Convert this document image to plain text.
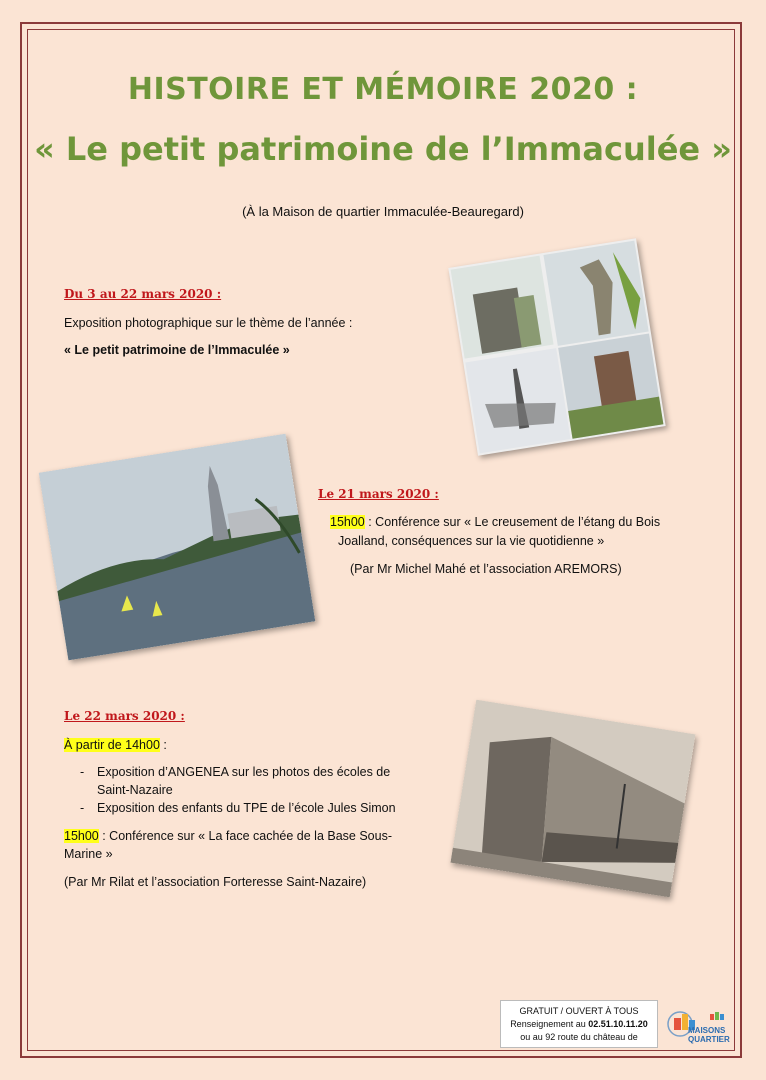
HISTOIRE ET MÉMOIRE 2020 :
« Le petit patrimoine de l’Immaculée »
(À la Maison de quartier Immaculée-Beauregard)
Du 3 au 22 mars 2020 :
Exposition photographique sur le thème de l’année :
« Le petit patrimoine de l’Immaculée »
Le 21 mars 2020 :
15h00 : Conférence sur « Le creusement de l’étang du Bois
Joalland, conséquences sur la vie quotidienne »
(Par Mr Michel Mahé et l’association AREMORS)
Le 22 mars 2020 :
À partir de 14h00 :
- Exposition d’ANGENEA sur les photos des écoles de
Saint-Nazaire
- Exposition des enfants du TPE de l’école Jules Simon
15h00 : Conférence sur « La face cachée de la Base Sous-
Marine »
(Par Mr Rilat et l’association Forteresse Saint-Nazaire)
GRATUIT / OUVERT À TOUS
Renseignement au 02.51.10.11.20
ou au 92 route du château de
MAISONS
QUARTIER
